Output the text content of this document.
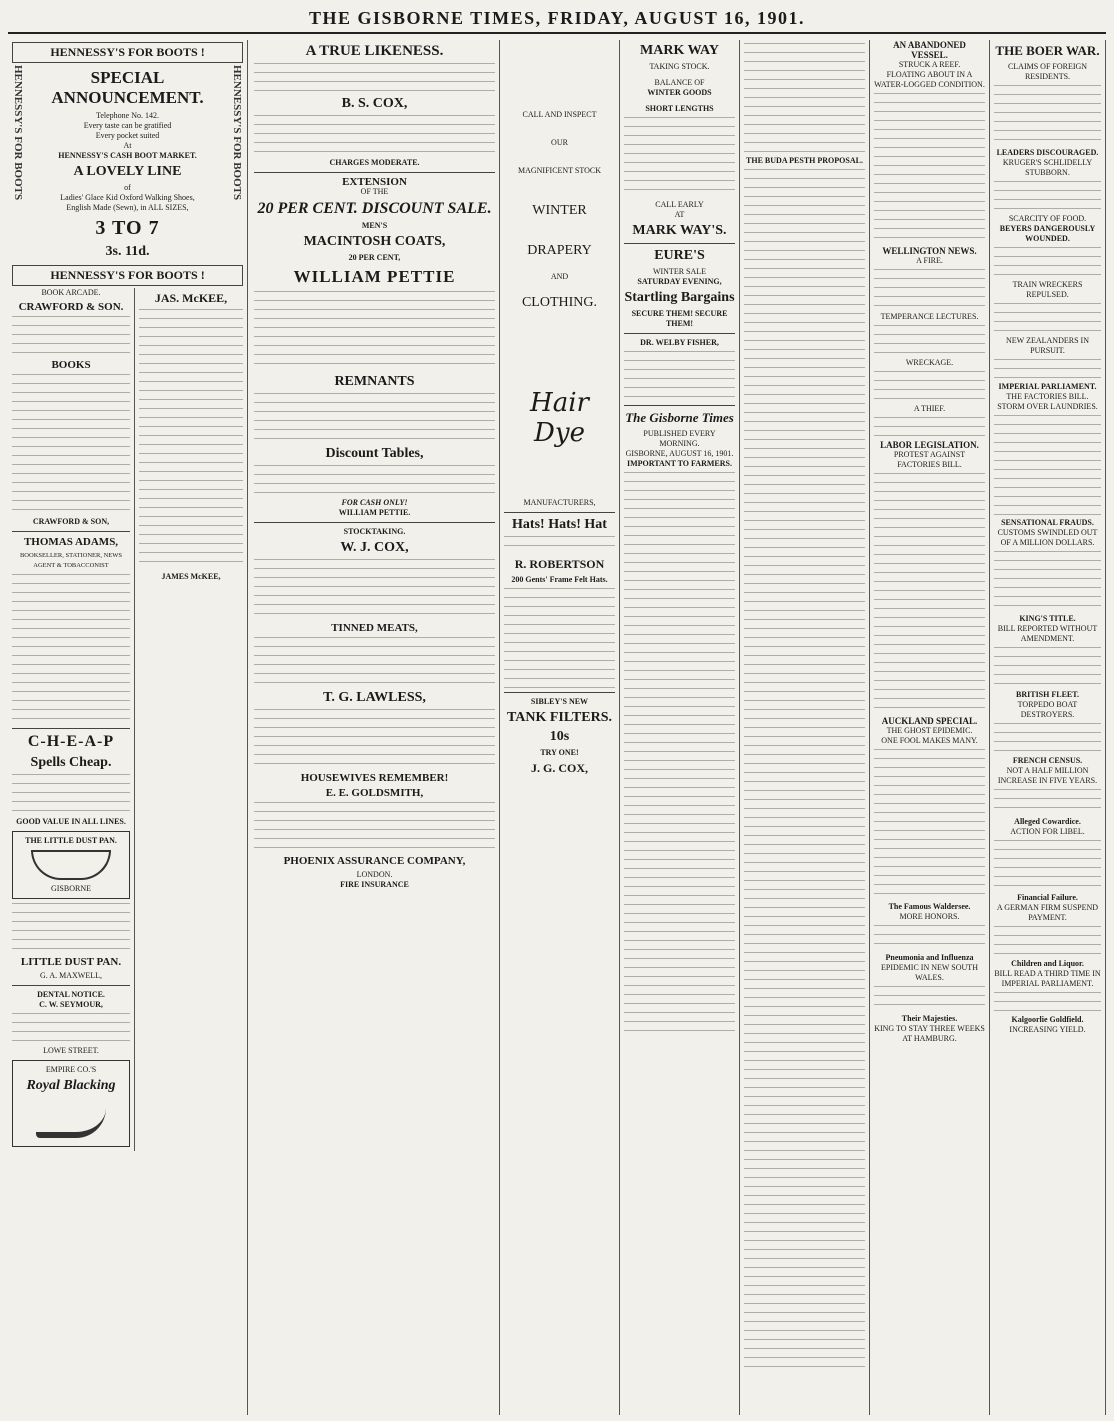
THE GISBORNE TIMES, FRIDAY, AUGUST 16, 1901.
HENNESSY'S FOR BOOTS !
HENNESSY'S FOR BOOTS	SPECIAL ANNOUNCEMENT.
Telephone No. 142.
Every taste can be gratified
Every pocket suited
At
HENNESSY'S CASH BOOT MARKET.
A LOVELY LINE
of
Ladies' Glace Kid Oxford Walking Shoes,
English Made (Sewn), in ALL SIZES,
3 TO 7
3s. 11d.
HENNESSY'S FOR BOOTS
HENNESSY'S FOR BOOTS !
BOOK ARCADE.
CRAWFORD & SON.
BOOKS
CRAWFORD & SON,
THOMAS ADAMS,
BOOKSELLER, STATIONER, NEWS AGENT & TOBACCONIST
C-H-E-A-P
Spells Cheap.
GOOD VALUE IN ALL LINES.
THE LITTLE DUST PAN.
GISBORNE
LITTLE DUST PAN.
G. A. MAXWELL,
DENTAL NOTICE.
C. W. SEYMOUR,
LOWE STREET.
EMPIRE CO.'S
Royal Blacking
JAS. McKEE,
JAMES McKEE,
A TRUE LIKENESS.
B. S. COX,
CHARGES MODERATE.
EXTENSION
OF THE
20 PER CENT. DISCOUNT SALE.
MEN'S
MACINTOSH COATS,
20 PER CENT,
WILLIAM PETTIE
REMNANTS
Discount Tables,
FOR CASH ONLY!
WILLIAM PETTIE.
STOCKTAKING.
W. J. COX,
TINNED MEATS,
T. G. LAWLESS,
HOUSEWIVES REMEMBER!
E. E. GOLDSMITH,
PHOENIX ASSURANCE COMPANY,
LONDON.
FIRE INSURANCE
CALL AND INSPECT
OUR
MAGNIFICENT STOCK
WINTER
DRAPERY
AND
CLOTHING.
Hair Dye
MANUFACTURERS,
Hats! Hats! Hat
R. ROBERTSON
200 Gents' Frame Felt Hats.
SIBLEY'S NEW
TANK FILTERS.
10s
TRY ONE!
J. G. COX,
MARK WAY
TAKING STOCK.
BALANCE OF
WINTER GOODS
SHORT LENGTHS
CALL EARLY
AT
MARK WAY'S.
EURE'S
WINTER SALE
SATURDAY EVENING,
Startling Bargains
SECURE THEM! SECURE THEM!
DR. WELBY FISHER,
The Gisborne Times
PUBLISHED EVERY MORNING.
GISBORNE, AUGUST 16, 1901.
IMPORTANT TO FARMERS.
THE BUDA PESTH PROPOSAL.
AN ABANDONED VESSEL.
STRUCK A REEF.
FLOATING ABOUT IN A WATER-LOGGED CONDITION.
WELLINGTON NEWS.
A FIRE.
TEMPERANCE LECTURES.
WRECKAGE.
A THIEF.
LABOR LEGISLATION.
PROTEST AGAINST FACTORIES BILL.
AUCKLAND SPECIAL.
THE GHOST EPIDEMIC.
ONE FOOL MAKES MANY.
The Famous Waldersee.
MORE HONORS.
Pneumonia and Influenza
EPIDEMIC IN NEW SOUTH WALES.
Their Majesties.
KING TO STAY THREE WEEKS AT HAMBURG.
THE BOER WAR.
CLAIMS OF FOREIGN RESIDENTS.
LEADERS DISCOURAGED.
KRUGER'S SCHLIDELLY STUBBORN.
SCARCITY OF FOOD.
BEYERS DANGEROUSLY WOUNDED.
TRAIN WRECKERS REPULSED.
NEW ZEALANDERS IN PURSUIT.
IMPERIAL PARLIAMENT.
THE FACTORIES BILL.
STORM OVER LAUNDRIES.
SENSATIONAL FRAUDS.
CUSTOMS SWINDLED OUT OF A MILLION DOLLARS.
KING'S TITLE.
BILL REPORTED WITHOUT AMENDMENT.
BRITISH FLEET.
TORPEDO BOAT DESTROYERS.
FRENCH CENSUS.
NOT A HALF MILLION INCREASE IN FIVE YEARS.
Alleged Cowardice.
ACTION FOR LIBEL.
Financial Failure.
A GERMAN FIRM SUSPEND PAYMENT.
Children and Liquor.
BILL READ A THIRD TIME IN IMPERIAL PARLIAMENT.
Kalgoorlie Goldfield.
INCREASING YIELD.
